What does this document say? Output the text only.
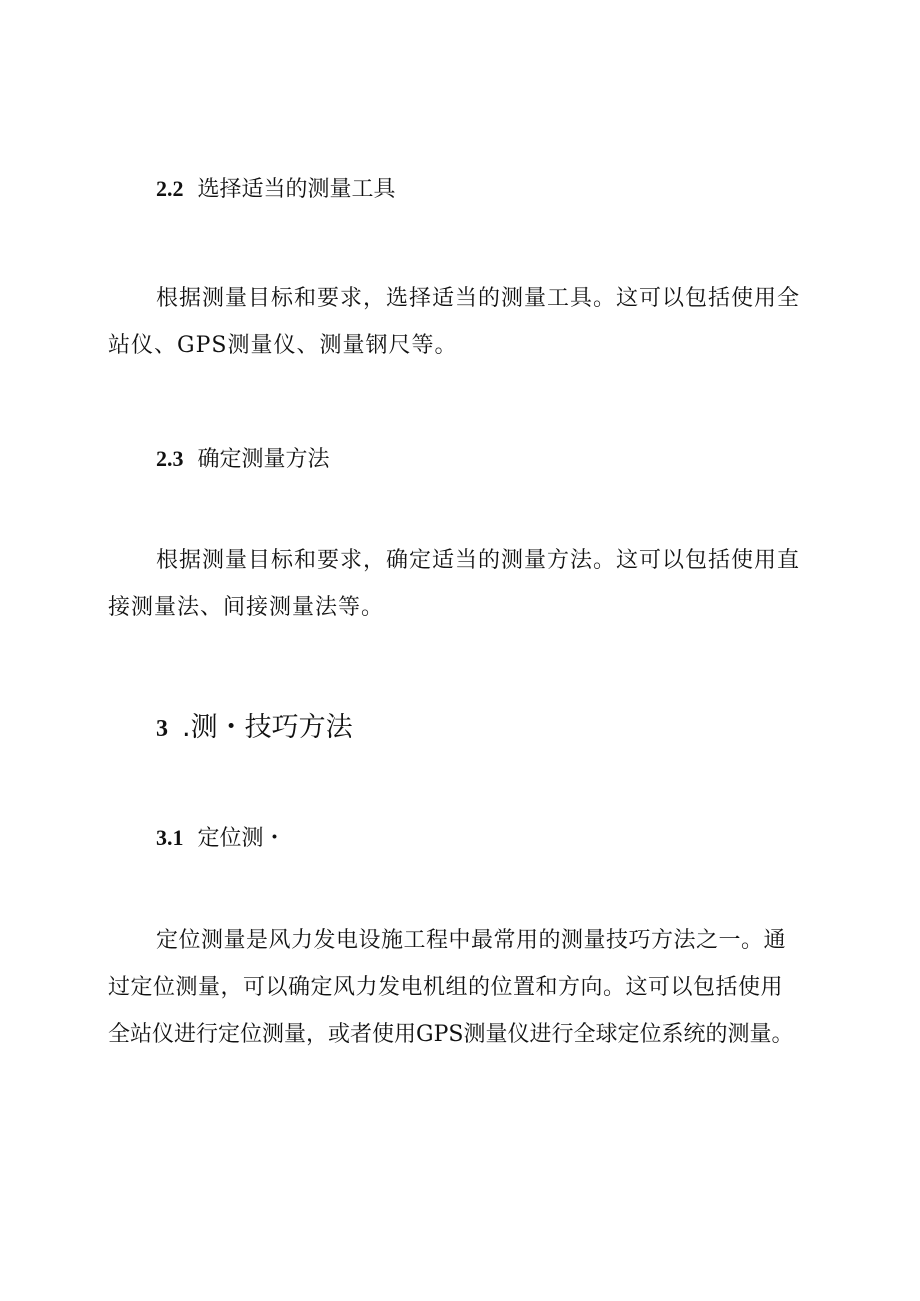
2.2 选择适当的测量工具
根据测量目标和要求，选择适当的测量工具。这可以包括使用全
站仪、GPS测量仪、测量钢尺等。
2.3 确定测量方法
根据测量目标和要求，确定适当的测量方法。这可以包括使用直
接测量法、间接测量法等。
3 .测・技巧方法
3.1 定位测・
定位测量是风力发电设施工程中最常用的测量技巧方法之一。通
过定位测量，可以确定风力发电机组的位置和方向。这可以包括使用
全站仪进行定位测量，或者使用GPS测量仪进行全球定位系统的测量。
